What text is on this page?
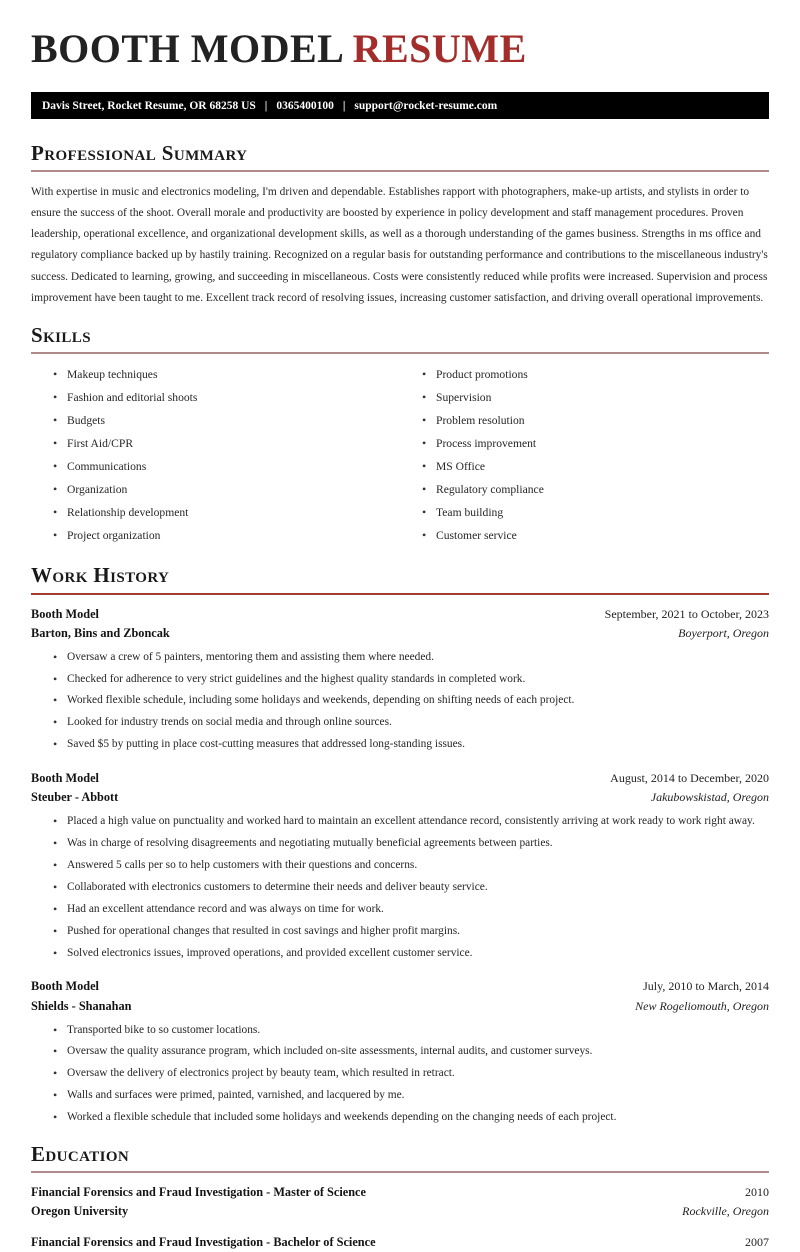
BOOTH MODEL RESUME
Davis Street, Rocket Resume, OR 68258 US | 0365400100 | support@rocket-resume.com
Professional Summary

With expertise in music and electronics modeling, I'm driven and dependable. Establishes rapport with photographers, make-up artists, and stylists in order to ensure the success of the shoot. Overall morale and productivity are boosted by experience in policy development and staff management procedures. Proven leadership, operational excellence, and organizational development skills, as well as a thorough understanding of the games business. Strengths in ms office and regulatory compliance backed up by hastily training. Recognized on a regular basis for outstanding performance and contributions to the miscellaneous industry's success. Dedicated to learning, growing, and succeeding in miscellaneous. Costs were consistently reduced while profits were increased. Supervision and process improvement have been taught to me. Excellent track record of resolving issues, increasing customer satisfaction, and driving overall operational improvements.

Skills
• Makeup techniques
• Fashion and editorial shoots
• Budgets
• First Aid/CPR
• Communications
• Organization
• Relationship development
• Project organization
• Product promotions
• Supervision
• Problem resolution
• Process improvement
• MS Office
• Regulatory compliance
• Team building
• Customer service
Work History
Booth Model	September, 2021 to October, 2023
Barton, Bins and Zboncak	Boyerport, Oregon
• Oversaw a crew of 5 painters, mentoring them and assisting them where needed.
• Checked for adherence to very strict guidelines and the highest quality standards in completed work.
• Worked flexible schedule, including some holidays and weekends, depending on shifting needs of each project.
• Looked for industry trends on social media and through online sources.
• Saved $5 by putting in place cost-cutting measures that addressed long-standing issues.
Booth Model	August, 2014 to December, 2020
Steuber - Abbott	Jakubowskistad, Oregon
• Placed a high value on punctuality and worked hard to maintain an excellent attendance record, consistently arriving at work ready to work right away.
• Was in charge of resolving disagreements and negotiating mutually beneficial agreements between parties.
• Answered 5 calls per so to help customers with their questions and concerns.
• Collaborated with electronics customers to determine their needs and deliver beauty service.
• Had an excellent attendance record and was always on time for work.
• Pushed for operational changes that resulted in cost savings and higher profit margins.
• Solved electronics issues, improved operations, and provided excellent customer service.
Booth Model	July, 2010 to March, 2014
Shields - Shanahan	New Rogeliomouth, Oregon
• Transported bike to so customer locations.
• Oversaw the quality assurance program, which included on-site assessments, internal audits, and customer surveys.
• Oversaw the delivery of electronics project by beauty team, which resulted in retract.
• Walls and surfaces were primed, painted, varnished, and lacquered by me.
• Worked a flexible schedule that included some holidays and weekends depending on the changing needs of each project.
Education
Financial Forensics and Fraud Investigation - Master of Science	2010
Oregon University	Rockville, Oregon
Financial Forensics and Fraud Investigation - Bachelor of Science	2007
